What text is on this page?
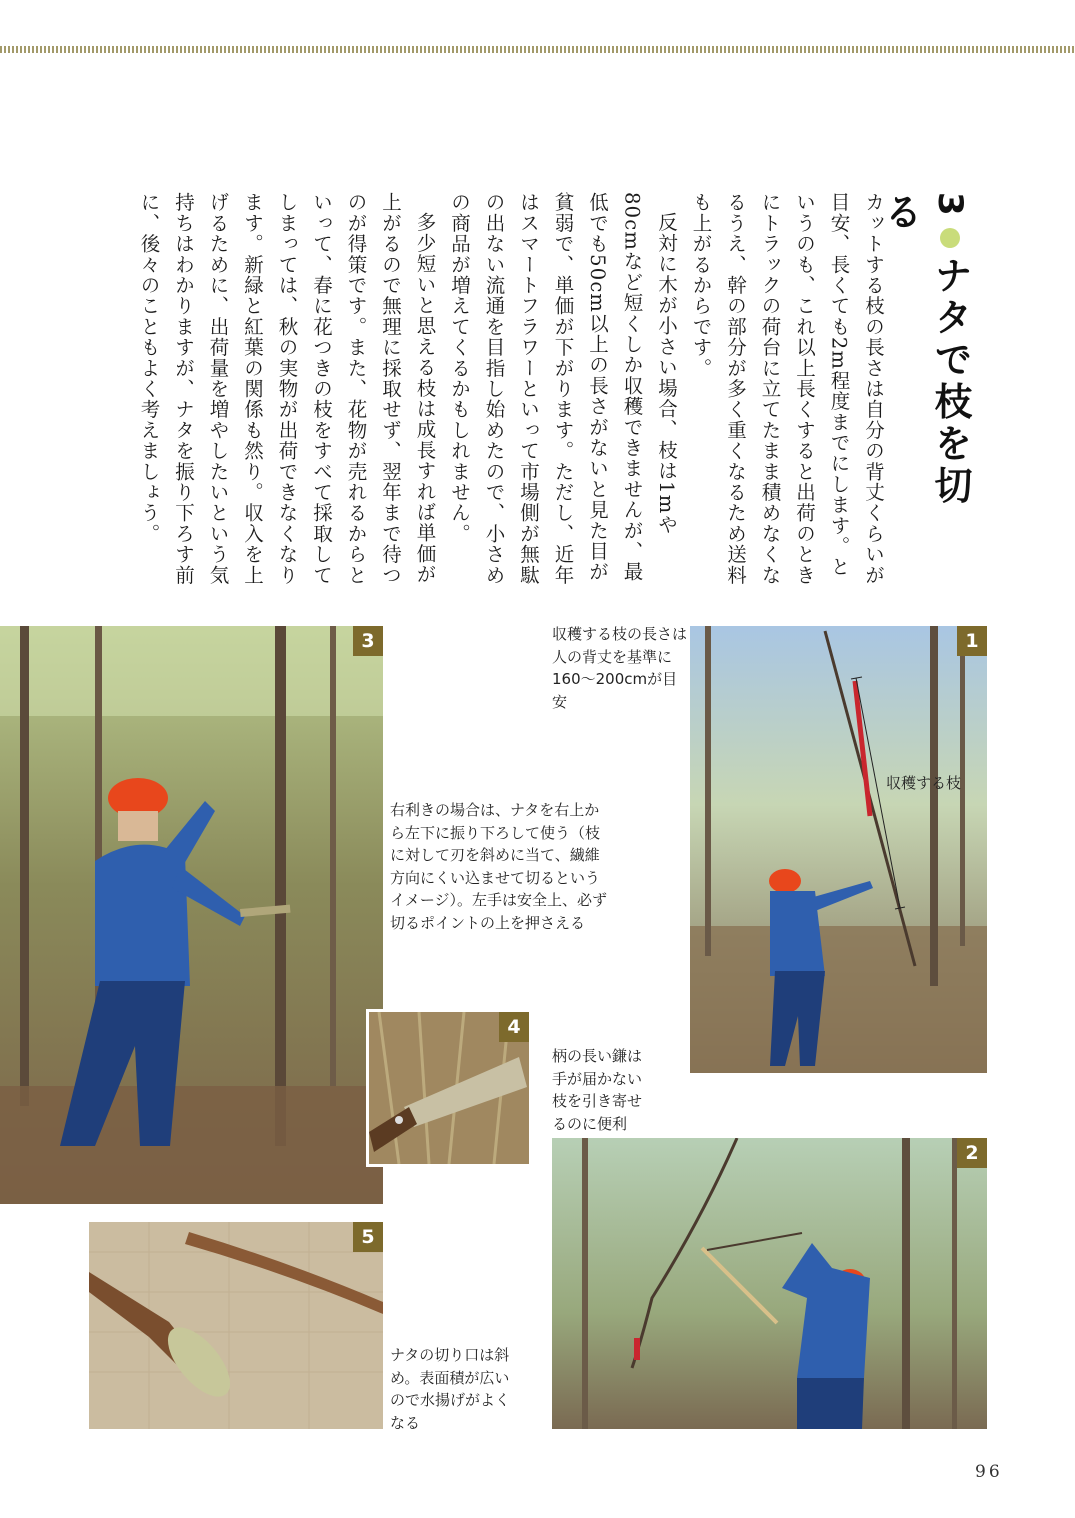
3ナタで枝を切る

カットする枝の長さは自分の背丈くらいが目安、長くても2m程度までにします。というのも、これ以上長くすると出荷のときにトラックの荷台に立てたまま積めなくなるうえ、幹の部分が多く重くなるため送料も上がるからです。

反対に木が小さい場合、枝は1mや80cmなど短くしか収穫できませんが、最低でも50cm以上の長さがないと見た目が貧弱で、単価が下がります。ただし、近年はスマートフラワーといって市場側が無駄の出ない流通を目指し始めたので、小さめの商品が増えてくるかもしれません。

多少短いと思える枝は成長すれば単価が上がるので無理に採取せず、翌年まで待つのが得策です。また、花物が売れるからといって、春に花つきの枝をすべて採取してしまっては、秋の実物が出荷できなくなります。新緑と紅葉の関係も然り。収入を上げるために、出荷量を増やしたいという気持ちはわかりますが、ナタを振り下ろす前に、後々のこともよく考えましょう。

3
4
5
収穫する枝
1
2
収穫する枝の長さは人の背丈を基準に160〜200cmが目安
柄の長い鎌は手が届かない枝を引き寄せるのに便利
右利きの場合は、ナタを右上から左下に振り下ろして使う（枝に対して刃を斜めに当て、繊維方向にくい込ませて切るというイメージ）。左手は安全上、必ず切るポイントの上を押さえる
ナタの切り口は斜め。表面積が広いので水揚げがよくなる
96
